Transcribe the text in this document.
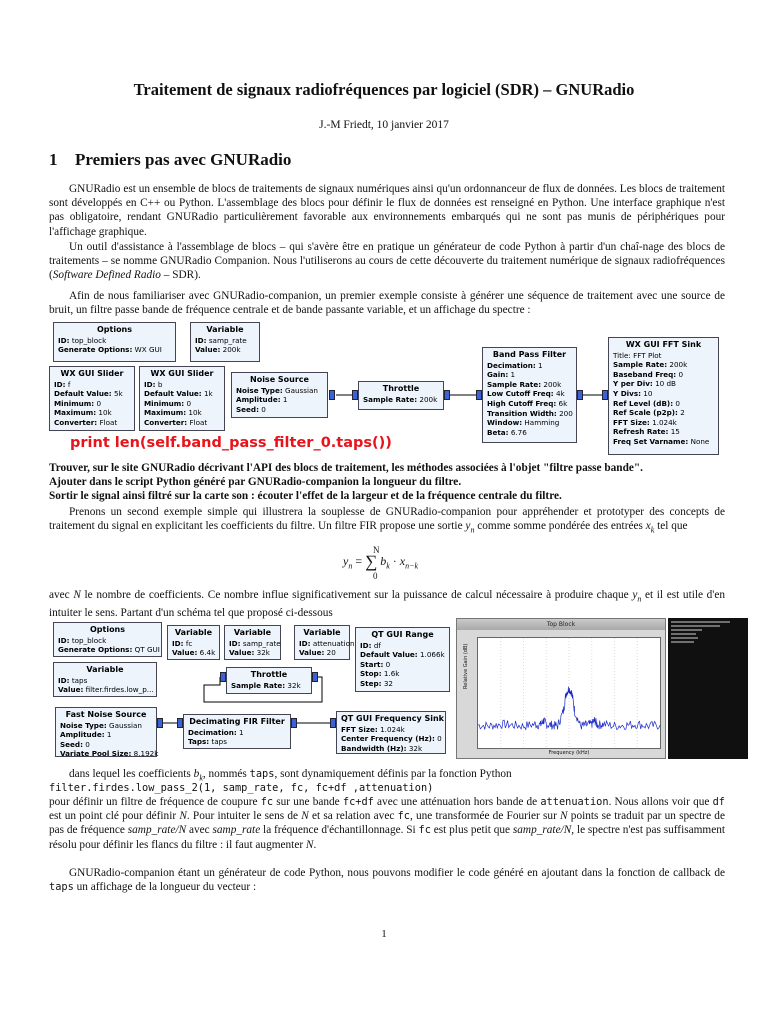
Traitement de signaux radiofréquences par logiciel (SDR) – GNURadio
J.-M Friedt, 10 janvier 2017
1 Premiers pas avec GNURadio
GNURadio est un ensemble de blocs de traitements de signaux numériques ainsi qu'un ordonnanceur de flux de données. Les blocs de traitement sont développés en C++ ou Python. L'assemblage des blocs pour définir le flux de données est renseigné en Python. Une interface graphique n'est pas obligatoire, rendant GNURadio particulièrement favorable aux environnements embarqués qui ne sont pas munis de périphériques pour l'affichage graphique.
Un outil d'assistance à l'assemblage de blocs – qui s'avère être en pratique un générateur de code Python à partir d'un chaî-nage des blocs de traitements – se nomme GNURadio Companion. Nous l'utiliserons au cours de cette découverte du traitement numérique de signaux radiofréquences (Software Defined Radio – SDR).
Afin de nous familiariser avec GNURadio-companion, un premier exemple consiste à générer une séquence de traitement avec une source de bruit, un filtre passe bande de fréquence centrale et de bande passante variable, et un affichage du spectre :
Options
ID: top_block
Generate Options: WX GUI
Variable
ID: samp_rate
Value: 200k
WX GUI Slider
ID: f
Default Value: 5k
Minimum: 0
Maximum: 10k
Converter: Float
WX GUI Slider
ID: b
Default Value: 1k
Minimum: 0
Maximum: 10k
Converter: Float
Noise Source
Noise Type: Gaussian
Amplitude: 1
Seed: 0
Throttle
Sample Rate: 200k
Band Pass Filter
Decimation: 1
Gain: 1
Sample Rate: 200k
Low Cutoff Freq: 4k
High Cutoff Freq: 6k
Transition Width: 200
Window: Hamming
Beta: 6.76
WX GUI FFT Sink
Title: FFT Plot
Sample Rate: 200k
Baseband Freq: 0
Y per Div: 10 dB
Y Divs: 10
Ref Level (dB): 0
Ref Scale (p2p): 2
FFT Size: 1.024k
Refresh Rate: 15
Freq Set Varname: None
print len(self.band_pass_filter_0.taps())
Trouver, sur le site GNURadio décrivant l'API des blocs de traitement, les méthodes associées à l'objet "filtre passe bande".
Ajouter dans le script Python généré par GNURadio-companion la longueur du filtre.
Sortir le signal ainsi filtré sur la carte son : écouter l'effet de la largeur et de la fréquence centrale du filtre.
Prenons un second exemple simple qui illustrera la souplesse de GNURadio-companion pour appréhender et prototyper des concepts de traitement du signal en explicitant les coefficients du filtre. Un filtre FIR propose une sortie $y_n$ comme somme pondérée des entrées $x_k$ tel que
N
0
$y_n$ = ∑ $b_k \cdot x_{n-k}$
avec N le nombre de coefficients. Ce nombre influe significativement sur la puissance de calcul nécessaire à produire chaque $y_n$ et il est utile d'en intuiter le sens. Partant d'un schéma tel que proposé ci-dessous
Options
ID: top_block
Generate Options: QT GUI
Variable
ID: fc
Value: 6.4k
Variable
ID: samp_rate
Value: 32k
Variable
ID: attenuation
Value: 20
QT GUI Range
ID: df
Default Value: 1.066k
Start: 0
Stop: 1.6k
Step: 32
Variable
ID: taps
Value: filter.firdes.low_p...
Throttle
Sample Rate: 32k
Fast Noise Source
Noise Type: Gaussian
Amplitude: 1
Seed: 0
Variate Pool Size: 8.192k
Decimating FIR Filter
Decimation: 1
Taps: taps
QT GUI Frequency Sink
FFT Size: 1.024k
Center Frequency (Hz): 0
Bandwidth (Hz): 32k
Top Block
Relative Gain (dB)
Frequency (kHz)
dans lequel les coefficients $b_k$, nommés taps, sont dynamiquement définis par la fonction Python
filter.firdes.low_pass_2(1, samp_rate, fc, fc+df ,attenuation)
pour définir un filtre de fréquence de coupure fc sur une bande fc+df avec une atténuation hors bande de attenuation. Nous allons voir que df est un point clé pour définir N. Pour intuiter le sens de N et sa relation avec fc, une transformée de Fourier sur N points se traduit par un spectre de pas de fréquence samp_rate/N avec samp_rate la fréquence d'échantillonnage. Si fc est plus petit que samp_rate/N, le spectre n'est pas suffisamment résolu pour définir les flancs du filtre : il faut augmenter N.
GNURadio-companion étant un générateur de code Python, nous pouvons modifier le code généré en ajoutant dans la fonction de callback de taps un affichage de la longueur du vecteur :
1
